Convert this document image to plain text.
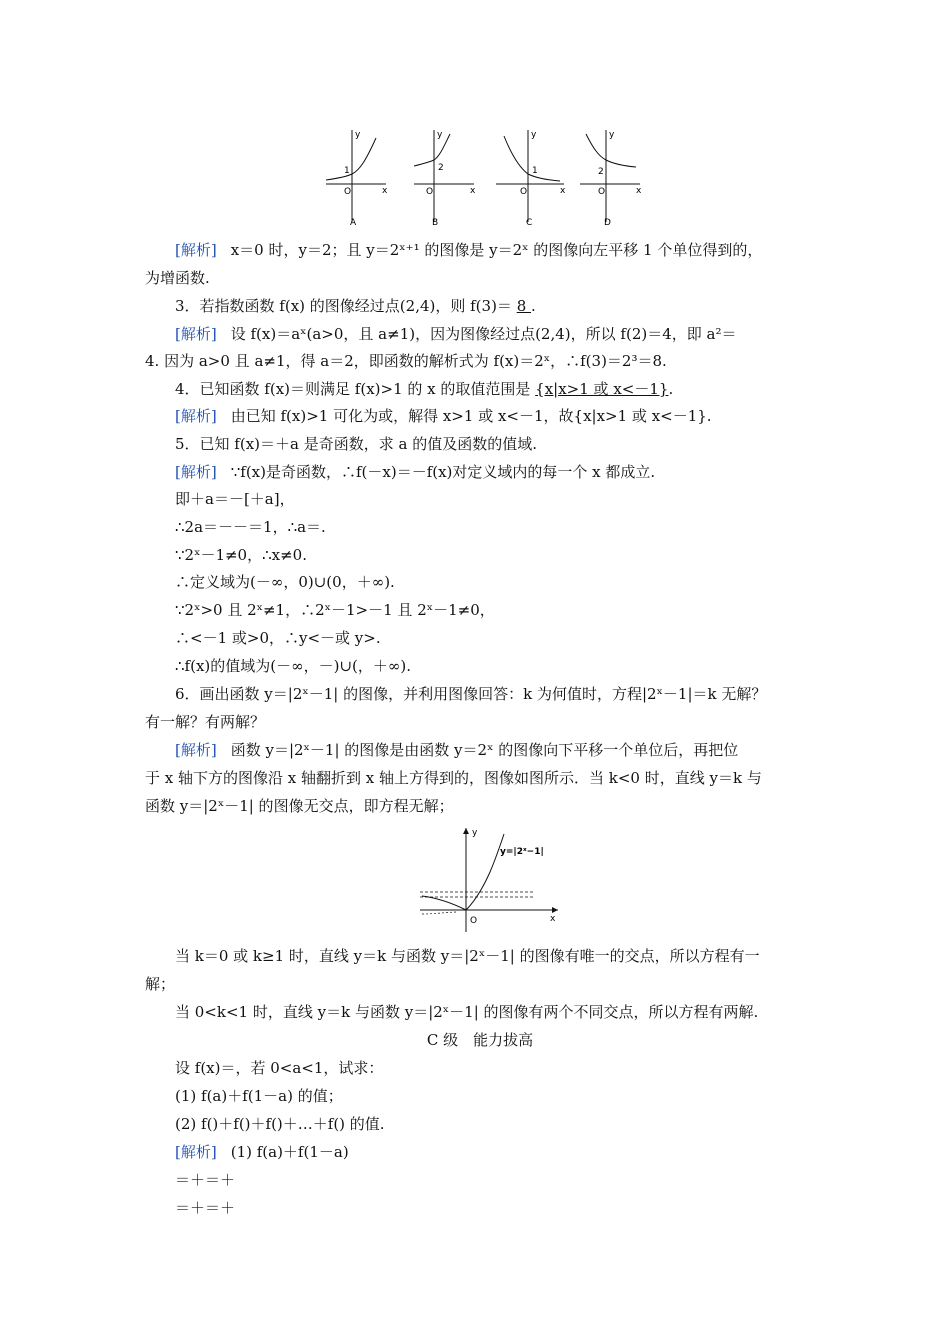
y
x
O
1
A
y
x
O
2
B
y
x
O
1
C
y
x
O
2
D
[解析] x＝0 时，y＝2；且 y＝2ˣ⁺¹ 的图像是 y＝2ˣ 的图像向左平移 1 个单位得到的，
为增函数.
3．若指数函数 f(x) 的图像经过点(2,4)，则 f(3)＝ 8 .
[解析] 设 f(x)＝aˣ(a>0，且 a≠1)，因为图像经过点(2,4)，所以 f(2)＝4，即 a²＝
4. 因为 a>0 且 a≠1，得 a＝2，即函数的解析式为 f(x)＝2ˣ，∴f(3)＝2³＝8.
4．已知函数 f(x)＝则满足 f(x)>1 的 x 的取值范围是 {x|x>1 或 x<－1}.
[解析] 由已知 f(x)>1 可化为或，解得 x>1 或 x<－1，故{x|x>1 或 x<－1}.
5．已知 f(x)＝＋a 是奇函数，求 a 的值及函数的值域.
[解析] ∵f(x)是奇函数，∴f(－x)＝－f(x)对定义域内的每一个 x 都成立.
即＋a＝－[＋a]，
∴2a＝－－＝1，∴a＝.
∵2ˣ－1≠0，∴x≠0.
∴定义域为(－∞，0)∪(0，＋∞).
∵2ˣ>0 且 2ˣ≠1，∴2ˣ－1>－1 且 2ˣ－1≠0，
∴<－1 或>0，∴y<－或 y>.
∴f(x)的值域为(－∞，－)∪(，＋∞).
6．画出函数 y＝|2ˣ－1| 的图像，并利用图像回答：k 为何值时，方程|2ˣ－1|＝k 无解？
有一解？有两解？
[解析] 函数 y＝|2ˣ－1| 的图像是由函数 y＝2ˣ 的图像向下平移一个单位后，再把位
于 x 轴下方的图像沿 x 轴翻折到 x 轴上方得到的，图像如图所示．当 k<0 时，直线 y＝k 与
函数 y＝|2ˣ－1| 的图像无交点，即方程无解；
y
x
O
y=|2ˣ−1|
当 k＝0 或 k≥1 时，直线 y＝k 与函数 y＝|2ˣ－1| 的图像有唯一的交点，所以方程有一
解；
当 0<k<1 时，直线 y＝k 与函数 y＝|2ˣ－1| 的图像有两个不同交点，所以方程有两解.
C 级　能力拔高
设 f(x)＝，若 0<a<1，试求：
(1) f(a)＋f(1－a) 的值；
(2) f()＋f()＋f()＋…＋f() 的值.
[解析] (1) f(a)＋f(1－a)
＝＋＝＋
＝＋＝＋
